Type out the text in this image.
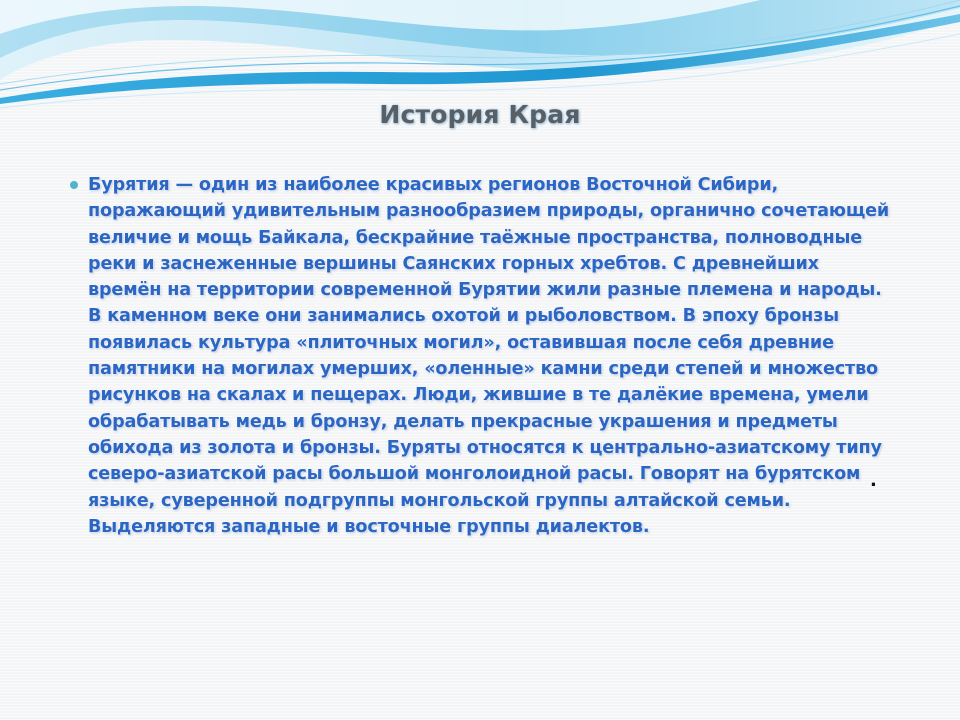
История Края

Бурятия — один из наиболее красивых регионов Восточной Сибири, поражающий удивительным разнообразием природы, органично сочетающей величие и мощь Байкала, бескрайние таёжные пространства, полноводные реки и заснеженные вершины Саянских горных хребтов. С древнейших времён на территории современной Бурятии жили разные племена и народы. В каменном веке они занимались охотой и рыболовством. В эпоху бронзы появилась культура «плиточных могил», оставившая после себя древние памятники на могилах умерших, «оленные» камни среди степей и множество рисунков на скалах и пещерах. Люди, жившие в те далёкие времена, умели обрабатывать медь и бронзу, делать прекрасные украшения и предметы обихода из золота и бронзы. Буряты относятся к центрально-азиатскому типу северо-азиатской расы большой монголоидной расы. Говорят на бурятском языке, суверенной подгруппы монгольской группы алтайской семьи. Выделяются западные и восточные группы диалектов.

.
